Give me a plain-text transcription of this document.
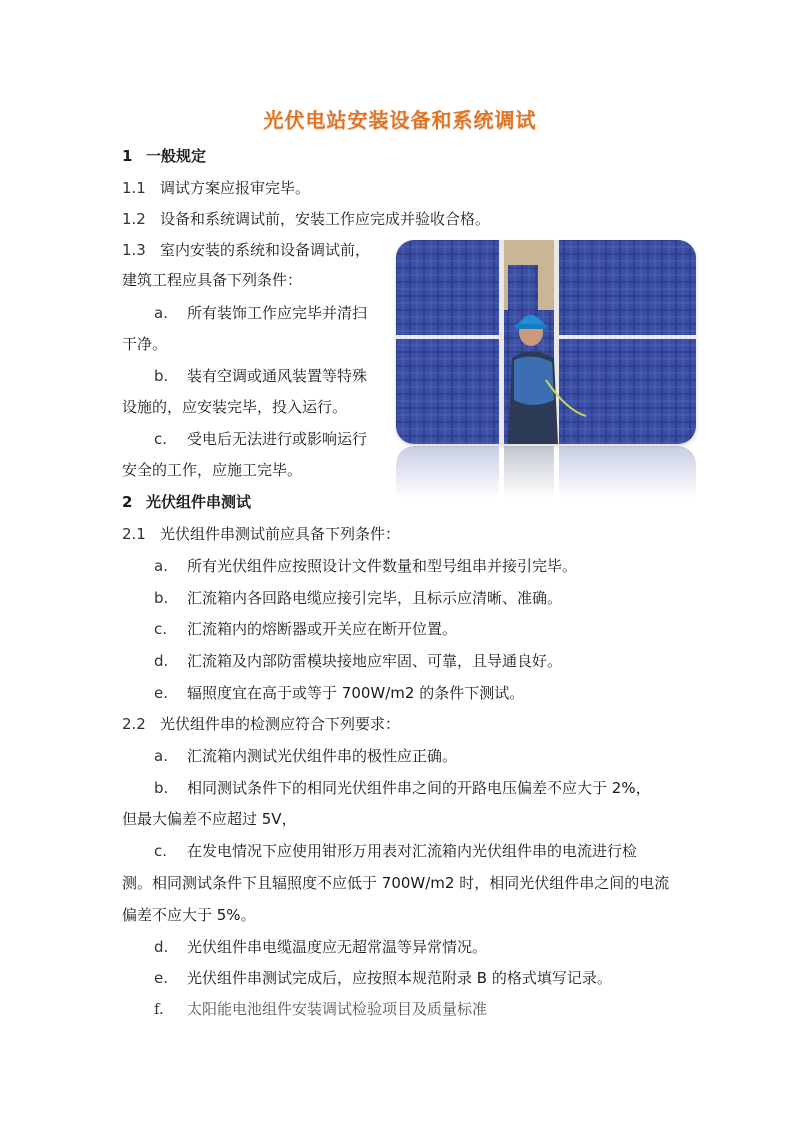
光伏电站安装设备和系统调试
1 一般规定
1.1 调试方案应报审完毕。
1.2 设备和系统调试前，安装工作应完成并验收合格。
1.3 室内安装的系统和设备调试前，
建筑工程应具备下列条件：
a. 所有装饰工作应完毕并清扫
干净。
b. 装有空调或通风装置等特殊
设施的，应安装完毕，投入运行。
c. 受电后无法进行或影响运行
安全的工作，应施工完毕。
2 光伏组件串测试
2.1 光伏组件串测试前应具备下列条件：
a. 所有光伏组件应按照设计文件数量和型号组串并接引完毕。
b. 汇流箱内各回路电缆应接引完毕，且标示应清晰、准确。
c. 汇流箱内的熔断器或开关应在断开位置。
d. 汇流箱及内部防雷模块接地应牢固、可靠，且导通良好。
e. 辐照度宜在高于或等于 700W/m2 的条件下测试。
2.2 光伏组件串的检测应符合下列要求：
a. 汇流箱内测试光伏组件串的极性应正确。
b. 相同测试条件下的相同光伏组件串之间的开路电压偏差不应大于 2%，
但最大偏差不应超过 5V，
c. 在发电情况下应使用钳形万用表对汇流箱内光伏组件串的电流进行检
测。相同测试条件下且辐照度不应低于 700W/m2 时，相同光伏组件串之间的电流
偏差不应大于 5%。
d. 光伏组件串电缆温度应无超常温等异常情况。
e. 光伏组件串测试完成后，应按照本规范附录 B 的格式填写记录。
f. 太阳能电池组件安装调试检验项目及质量标准
